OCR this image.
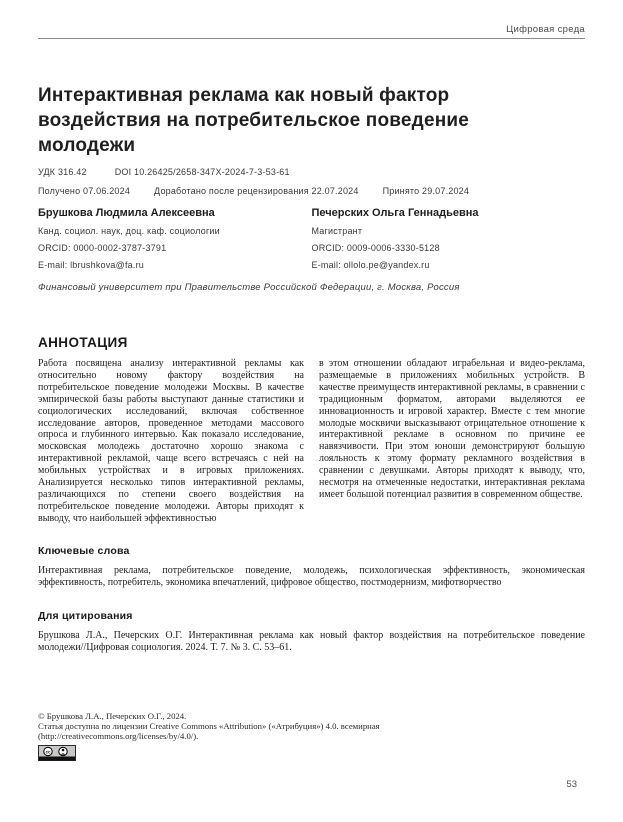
Цифровая среда
Интерактивная реклама как новый фактор воздействия на потребительское поведение молодежи
УДК 316.42	DOI 10.26425/2658-347X-2024-7-3-53-61
Получено 07.06.2024	Доработано после рецензирования 22.07.2024	Принято 29.07.2024
Брушкова Людмила Алексеевна
Канд. социол. наук, доц. каф. социологии
ORCID: 0000-0002-3787-3791
E-mail: lbrushkova@fa.ru
Печерских Ольга Геннадьевна
Магистрант
ORCID: 0009-0006-3330-5128
E-mail: ollolo.pe@yandex.ru
Финансовый университет при Правительстве Российской Федерации, г. Москва, Россия
АННОТАЦИЯ
Работа посвящена анализу интерактивной рекламы как относительно новому фактору воздействия на потребительское поведение молодежи Москвы. В качестве эмпирической базы работы выступают данные статистики и социологических исследований, включая собственное исследование авторов, проведенное методами массового опроса и глубинного интервью. Как показало исследование, московская молодежь достаточно хорошо знакома с интерактивной рекламой, чаще всего встречаясь с ней на мобильных устройствах и в игровых приложениях. Анализируется несколько типов интерактивной рекламы, различающихся по степени своего воздействия на потребительское поведение молодежи. Авторы приходят к выводу, что наибольшей эффективностью
в этом отношении обладают играбельная и видео-реклама, размещаемые в приложениях мобильных устройств. В качестве преимуществ интерактивной рекламы, в сравнении с традиционным форматом, авторами выделяются ее инновационность и игровой характер. Вместе с тем многие молодые москвичи высказывают отрицательное отношение к интерактивной рекламе в основном по причине ее навязчивости. При этом юноши демонстрируют большую лояльность к этому формату рекламного воздействия в сравнении с девушками. Авторы приходят к выводу, что, несмотря на отмеченные недостатки, интерактивная реклама имеет большой потенциал развития в современном обществе.
Ключевые слова
Интерактивная реклама, потребительское поведение, молодежь, психологическая эффективность, экономическая эффективность, потребитель, экономика впечатлений, цифровое общество, постмодернизм, мифотворчество
Для цитирования
Брушкова Л.А., Печерских О.Г. Интерактивная реклама как новый фактор воздействия на потребительское поведение молодежи//Цифровая социология. 2024. Т. 7. № 3. С. 53–61.
© Брушкова Л.А., Печерских О.Г., 2024.
Статья доступна по лицензии Creative Commons «Attribution» («Атрибуция») 4.0. всемирная
(http://creativecommons.org/licenses/by/4.0/).
cc
53
